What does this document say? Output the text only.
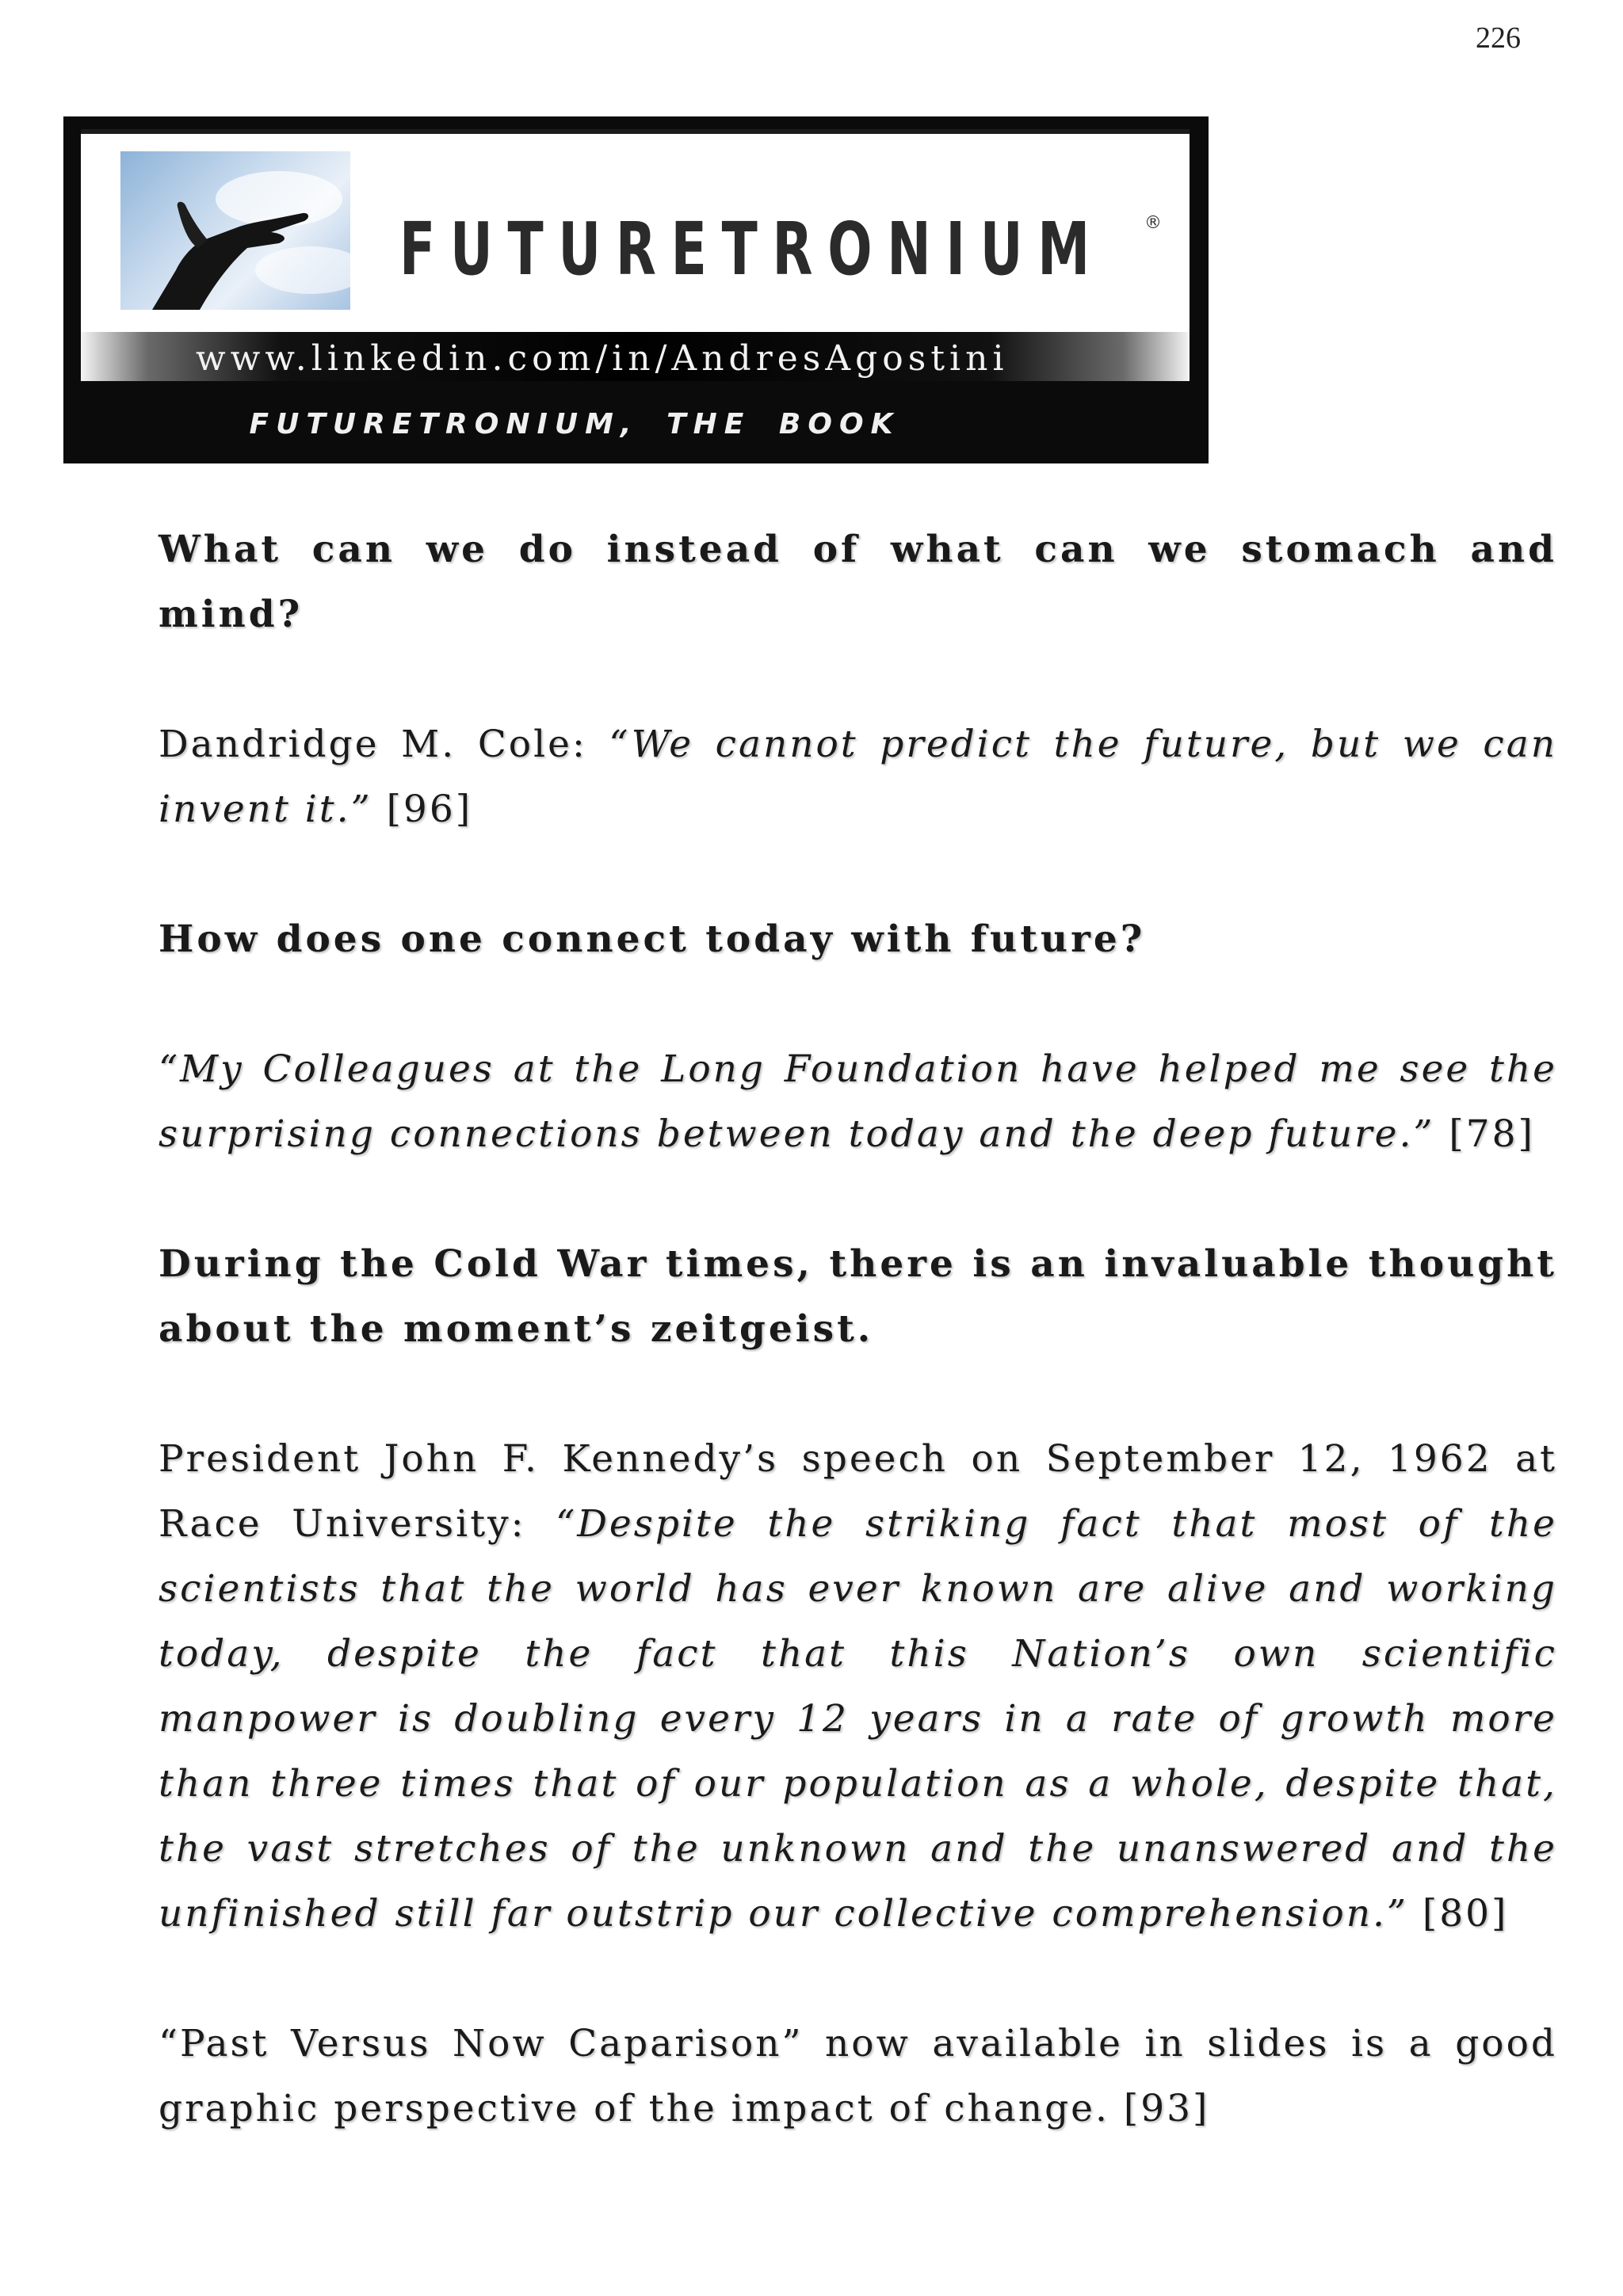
226
FUTURETRONIUM ®
www.linkedin.com/in/AndresAgostini
FUTURETRONIUM, THE BOOK

What can we do instead of what can we stomach and mind?

Dandridge M. Cole: “We cannot predict the future, but we can invent it.” [96]

How does one connect today with future?

“My Colleagues at the Long Foundation have helped me see the surprising connections between today and the deep future.” [78]

During the Cold War times, there is an invaluable thought about the moment’s zeitgeist.

President John F. Kennedy’s speech on September 12, 1962 at Race University: “Despite the striking fact that most of the scientists that the world has ever known are alive and working today, despite the fact that this Nation’s own scientific manpower is doubling every 12 years in a rate of growth more than three times that of our population as a whole, despite that, the vast stretches of the unknown and the unanswered and the unfinished still far outstrip our collective comprehension.” [80]

“Past Versus Now Caparison” now available in slides is a good graphic perspective of the impact of change. [93]
